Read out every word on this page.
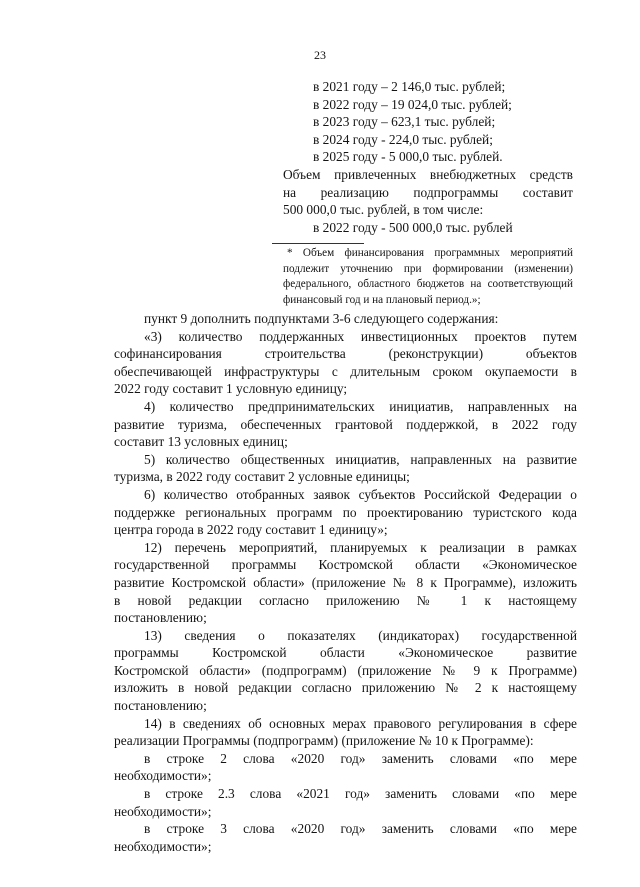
23
в 2021 году – 2 146,0 тыс. рублей;
в 2022 году – 19 024,0 тыс. рублей;
в 2023 году – 623,1 тыс. рублей;
в 2024 году - 224,0 тыс. рублей;
в 2025 году - 5 000,0 тыс. рублей.
Объем привлеченных внебюджетных средств
на реализацию подпрограммы составит
500 000,0 тыс. рублей, в том числе:
в 2022 году - 500 000,0 тыс. рублей
* Объем финансирования программных мероприятий
подлежит уточнению при формировании (изменении)
федерального, областного бюджетов на соответствующий
финансовый год и на плановый период.»;
пункт 9 дополнить подпунктами 3-6 следующего содержания:
«3) количество поддержанных инвестиционных проектов путем
софинансирования строительства (реконструкции) объектов
обеспечивающей инфраструктуры с длительным сроком окупаемости в
2022 году составит 1 условную единицу;
4) количество предпринимательских инициатив, направленных на
развитие туризма, обеспеченных грантовой поддержкой, в 2022 году
составит 13 условных единиц;
5) количество общественных инициатив, направленных на развитие
туризма, в 2022 году составит 2 условные единицы;
6) количество отобранных заявок субъектов Российской Федерации о
поддержке региональных программ по проектированию туристского кода
центра города в 2022 году составит 1 единицу»;
12) перечень мероприятий, планируемых к реализации в рамках
государственной программы Костромской области «Экономическое
развитие Костромской области» (приложение № 8 к Программе), изложить
в новой редакции согласно приложению № 1 к настоящему
постановлению;
13) сведения о показателях (индикаторах) государственной
программы Костромской области «Экономическое развитие
Костромской области» (подпрограмм) (приложение № 9 к Программе)
изложить в новой редакции согласно приложению № 2 к настоящему
постановлению;
14) в сведениях об основных мерах правового регулирования в сфере
реализации Программы (подпрограмм) (приложение № 10 к Программе):
в строке 2 слова «2020 год» заменить словами «по мере
необходимости»;
в строке 2.3 слова «2021 год» заменить словами «по мере
необходимости»;
в строке 3 слова «2020 год» заменить словами «по мере
необходимости»;
